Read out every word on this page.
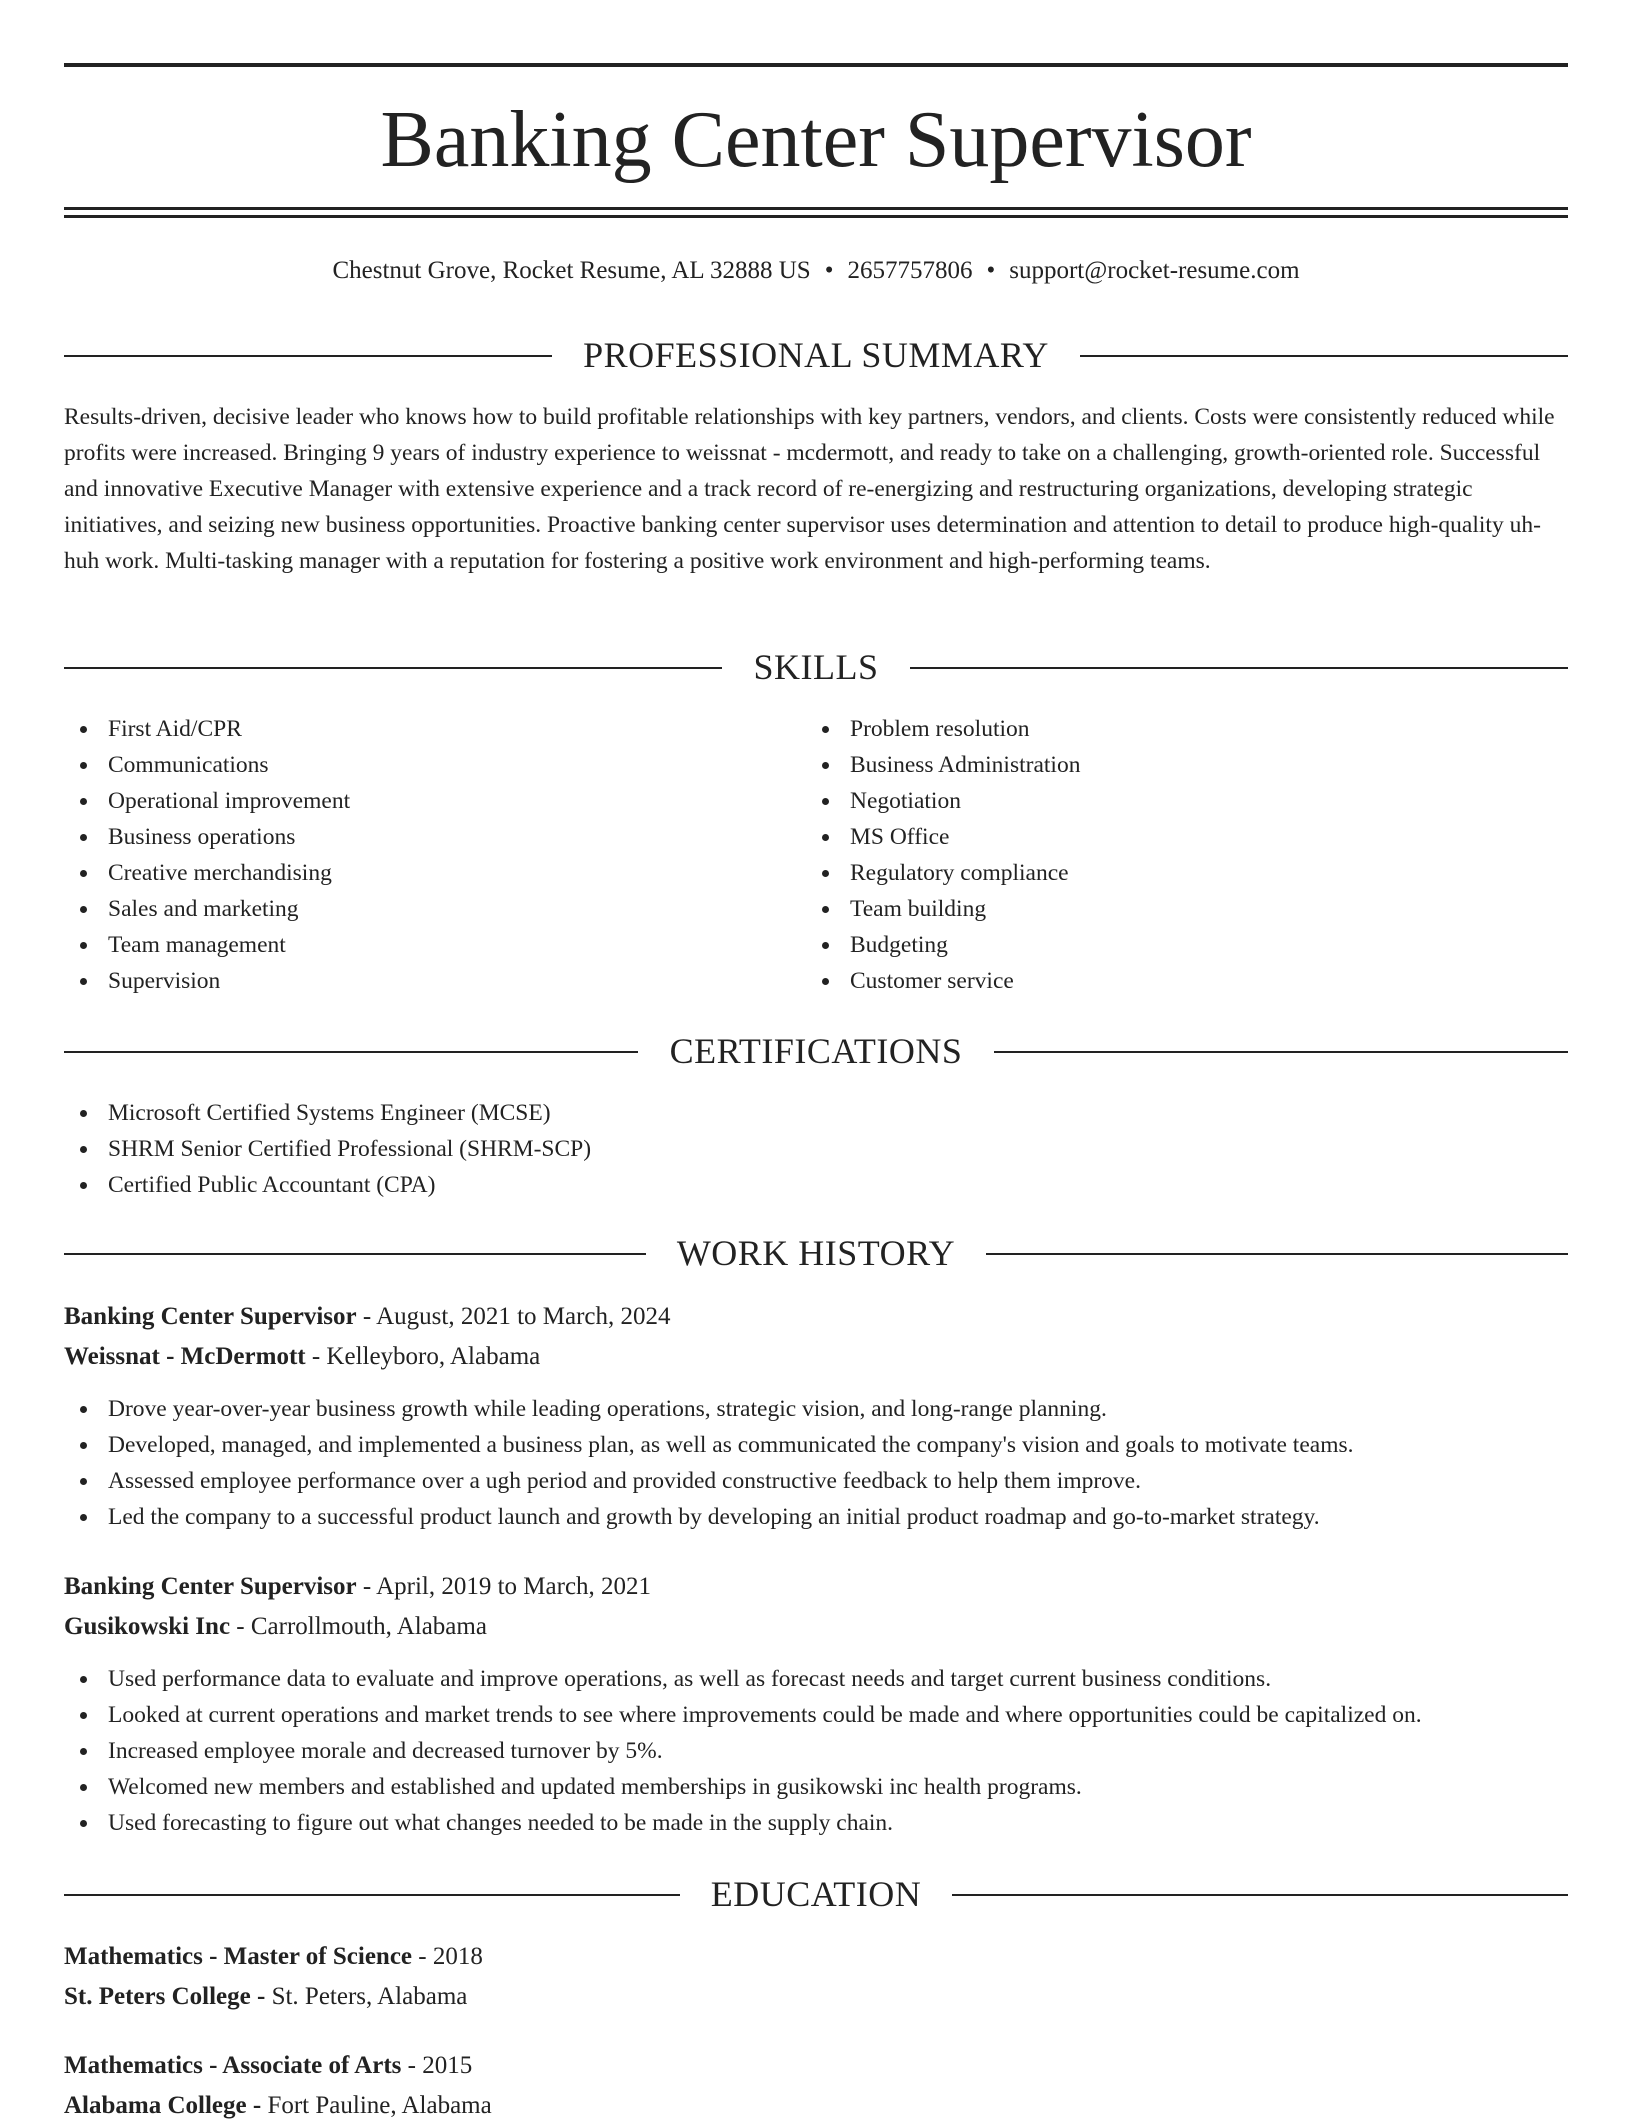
Banking Center Supervisor
Chestnut Grove, Rocket Resume, AL 32888 US • 2657757806 • support@rocket-resume.com
PROFESSIONAL SUMMARY

Results-driven, decisive leader who knows how to build profitable relationships with key partners, vendors, and clients. Costs were consistently reduced while profits were increased. Bringing 9 years of industry experience to weissnat - mcdermott, and ready to take on a challenging, growth-oriented role. Successful and innovative Executive Manager with extensive experience and a track record of re-energizing and restructuring organizations, developing strategic initiatives, and seizing new business opportunities. Proactive banking center supervisor uses determination and attention to detail to produce high-quality uh-huh work. Multi-tasking manager with a reputation for fostering a positive work environment and high-performing teams.

SKILLS
First Aid/CPR
Communications
Operational improvement
Business operations
Creative merchandising
Sales and marketing
Team management
Supervision
Problem resolution
Business Administration
Negotiation
MS Office
Regulatory compliance
Team building
Budgeting
Customer service
CERTIFICATIONS
Microsoft Certified Systems Engineer (MCSE)
SHRM Senior Certified Professional (SHRM-SCP)
Certified Public Accountant (CPA)
WORK HISTORY
Banking Center Supervisor - August, 2021 to March, 2024
Weissnat - McDermott - Kelleyboro, Alabama
Drove year-over-year business growth while leading operations, strategic vision, and long-range planning.
Developed, managed, and implemented a business plan, as well as communicated the company's vision and goals to motivate teams.
Assessed employee performance over a ugh period and provided constructive feedback to help them improve.
Led the company to a successful product launch and growth by developing an initial product roadmap and go-to-market strategy.
Banking Center Supervisor - April, 2019 to March, 2021
Gusikowski Inc - Carrollmouth, Alabama
Used performance data to evaluate and improve operations, as well as forecast needs and target current business conditions.
Looked at current operations and market trends to see where improvements could be made and where opportunities could be capitalized on.
Increased employee morale and decreased turnover by 5%.
Welcomed new members and established and updated memberships in gusikowski inc health programs.
Used forecasting to figure out what changes needed to be made in the supply chain.
EDUCATION
Mathematics - Master of Science - 2018
St. Peters College - St. Peters, Alabama
Mathematics - Associate of Arts - 2015
Alabama College - Fort Pauline, Alabama
